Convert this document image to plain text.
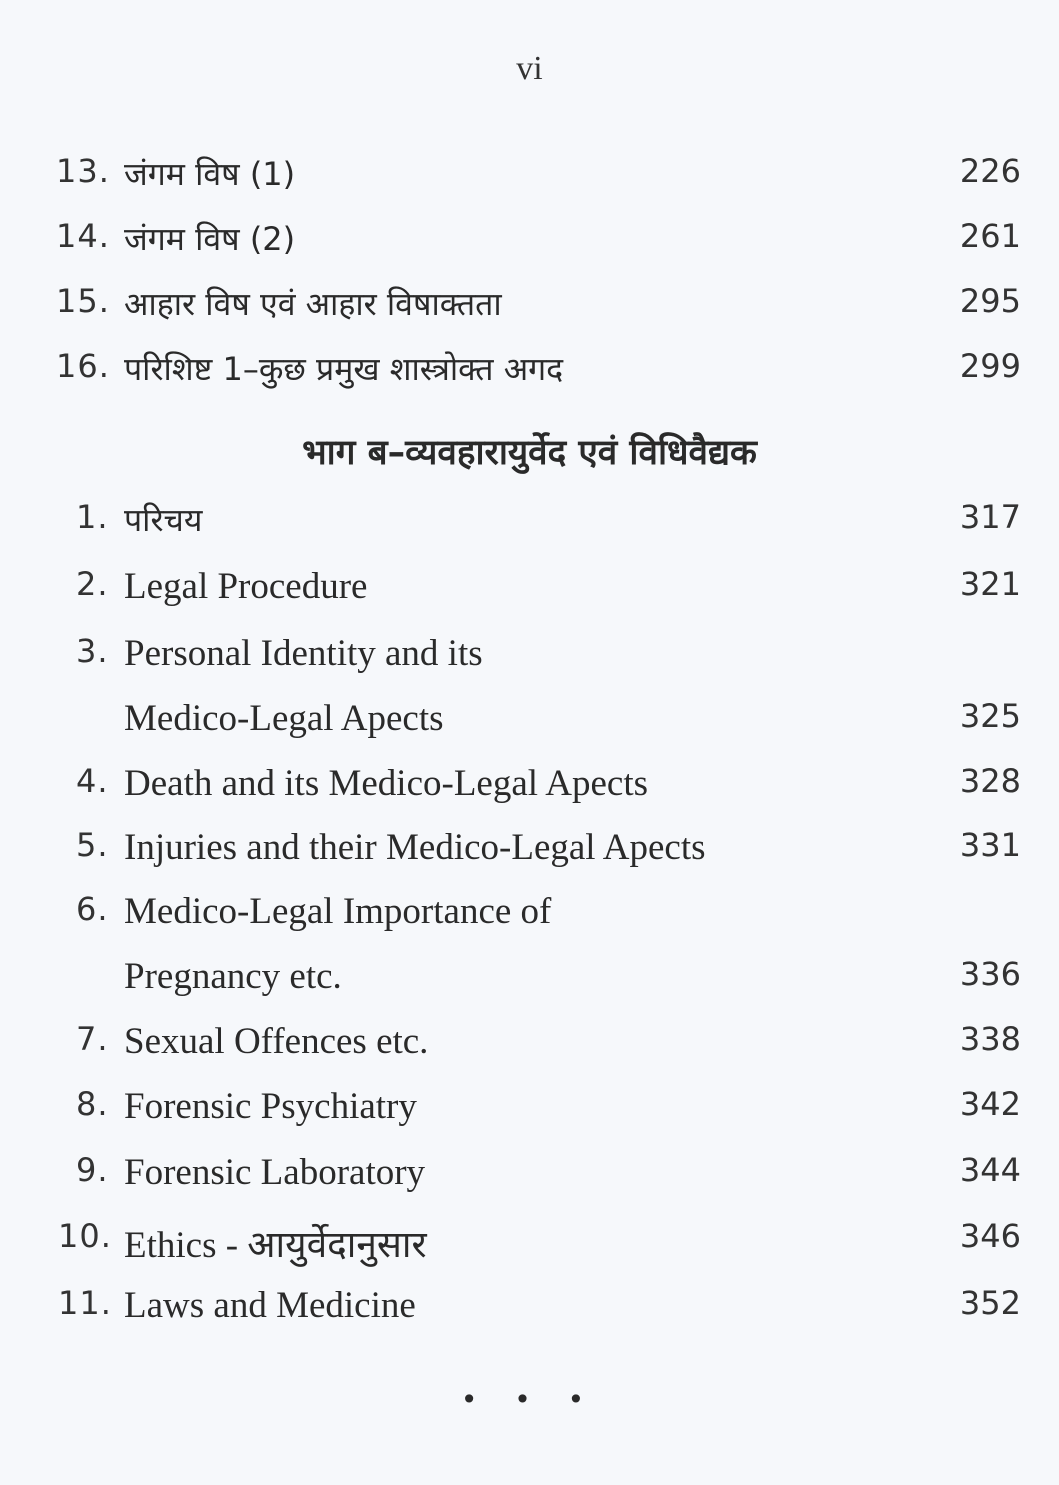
vi
13. जंगम विष (1)	226
14. जंगम विष (2)	261
15. आहार विष एवं आहार विषाक्तता	295
16. परिशिष्ट 1–कुछ प्रमुख शास्त्रोक्त अगद	299
भाग ब–व्यवहारायुर्वेद एवं विधिवैद्यक
1. परिचय	317
2. Legal Procedure	321
3. Personal Identity and its
Medico-Legal Apects	325
4. Death and its Medico-Legal Apects	328
5. Injuries and their Medico-Legal Apects	331
6. Medico-Legal Importance of
Pregnancy etc.	336
7. Sexual Offences etc.	338
8. Forensic Psychiatry	342
9. Forensic Laboratory	344
10. Ethics - आयुर्वेदानुसार	346
11. Laws and Medicine	352
• • •
